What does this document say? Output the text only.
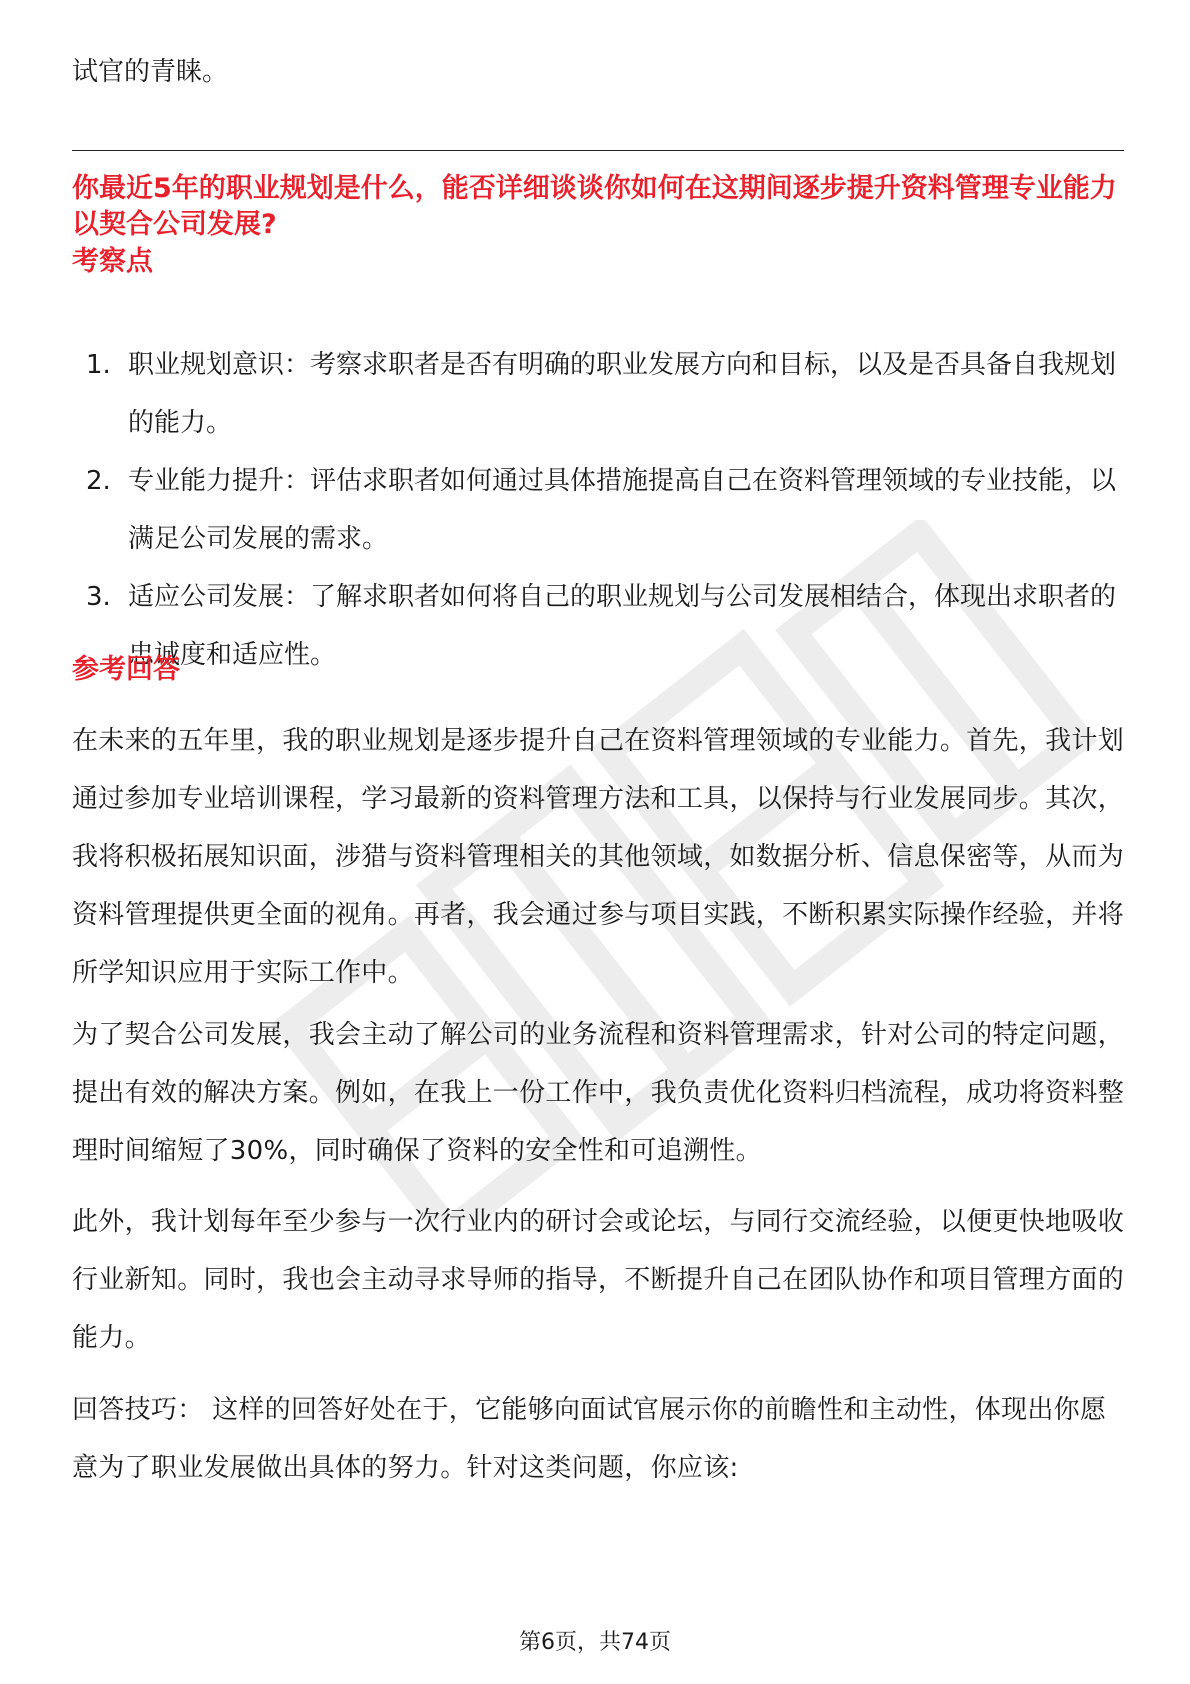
试官的青睐。

你最近5年的职业规划是什么，能否详细谈谈你如何在这期间逐步提升资料管理专业能力以契合公司发展?

考察点

1. 职业规划意识：考察求职者是否有明确的职业发展方向和目标，以及是否具备自我规划的能力。
2. 专业能力提升：评估求职者如何通过具体措施提高自己在资料管理领域的专业技能，以满足公司发展的需求。
3. 适应公司发展：了解求职者如何将自己的职业规划与公司发展相结合，体现出求职者的忠诚度和适应性。

参考回答

在未来的五年里，我的职业规划是逐步提升自己在资料管理领域的专业能力。首先，我计划通过参加专业培训课程，学习最新的资料管理方法和工具，以保持与行业发展同步。其次，我将积极拓展知识面，涉猎与资料管理相关的其他领域，如数据分析、信息保密等，从而为资料管理提供更全面的视角。再者，我会通过参与项目实践，不断积累实际操作经验，并将所学知识应用于实际工作中。

为了契合公司发展，我会主动了解公司的业务流程和资料管理需求，针对公司的特定问题，提出有效的解决方案。例如，在我上一份工作中，我负责优化资料归档流程，成功将资料整理时间缩短了30%，同时确保了资料的安全性和可追溯性。

此外，我计划每年至少参与一次行业内的研讨会或论坛，与同行交流经验，以便更快地吸收行业新知。同时，我也会主动寻求导师的指导，不断提升自己在团队协作和项目管理方面的能力。

回答技巧： 这样的回答好处在于，它能够向面试官展示你的前瞻性和主动性，体现出你愿意为了职业发展做出具体的努力。针对这类问题，你应该:

第6页，共74页
